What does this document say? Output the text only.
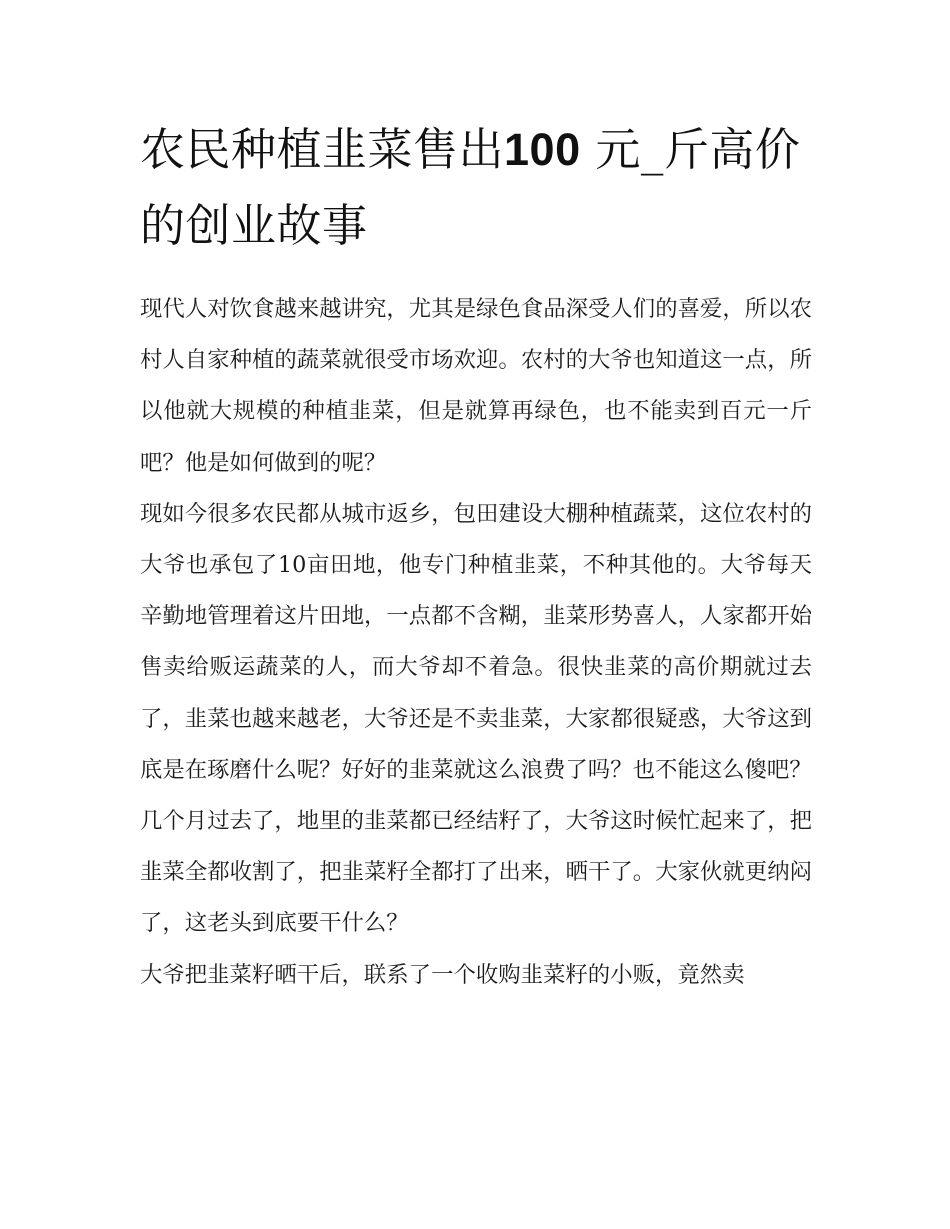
农民种植韭菜售出100 元_斤高价的创业故事

现代人对饮食越来越讲究，尤其是绿色食品深受人们的喜爱，所以农村人自家种植的蔬菜就很受市场欢迎。农村的大爷也知道这一点，所以他就大规模的种植韭菜，但是就算再绿色，也不能卖到百元一斤吧？他是如何做到的呢？

现如今很多农民都从城市返乡，包田建设大棚种植蔬菜，这位农村的大爷也承包了10亩田地，他专门种植韭菜，不种其他的。大爷每天辛勤地管理着这片田地，一点都不含糊，韭菜形势喜人，人家都开始售卖给贩运蔬菜的人，而大爷却不着急。很快韭菜的高价期就过去了，韭菜也越来越老，大爷还是不卖韭菜，大家都很疑惑，大爷这到底是在琢磨什么呢？好好的韭菜就这么浪费了吗？也不能这么傻吧？

几个月过去了，地里的韭菜都已经结籽了，大爷这时候忙起来了，把韭菜全都收割了，把韭菜籽全都打了出来，晒干了。大家伙就更纳闷了，这老头到底要干什么？

大爷把韭菜籽晒干后，联系了一个收购韭菜籽的小贩，竟然卖
